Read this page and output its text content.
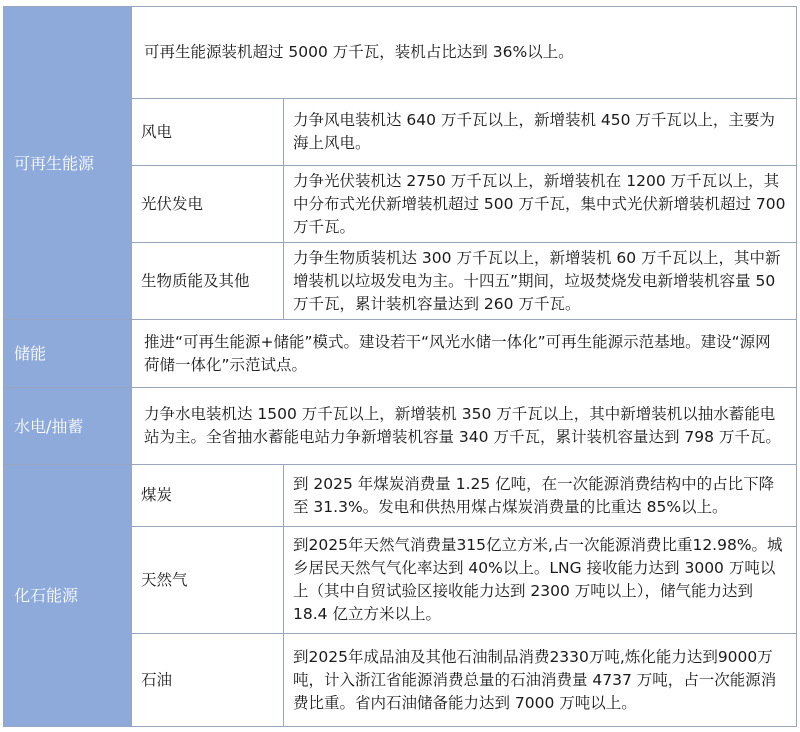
可再生能源	可再生能源装机超过 5000 万千瓦，装机占比达到 36%以上。	
	风电	力争风电装机达 640 万千瓦以上，新增装机 450 万千瓦以上，主要为海上风电。
	光伏发电	力争光伏装机达 2750 万千瓦以上，新增装机在 1200 万千瓦以上，其中分布式光伏新增装机超过 500 万千瓦，集中式光伏新增装机超过 700 万千瓦。
	生物质能及其他	力争生物质装机达 300 万千瓦以上，新增装机 60 万千瓦以上，其中新增装机以垃圾发电为主。十四五”期间，垃圾焚烧发电新增装机容量 50 万千瓦，累计装机容量达到 260 万千瓦。
储能	推进“可再生能源+储能”模式。建设若干“风光水储一体化”可再生能源示范基地。建设“源网荷储一体化”示范试点。	
水电/抽蓄	力争水电装机达 1500 万千瓦以上，新增装机 350 万千瓦以上，其中新增装机以抽水蓄能电站为主。全省抽水蓄能电站力争新增装机容量 340 万千瓦，累计装机容量达到 798 万千瓦。	
化石能源	煤炭	到 2025 年煤炭消费量 1.25 亿吨，在一次能源消费结构中的占比下降至 31.3%。发电和供热用煤占煤炭消费量的比重达 85%以上。
	天然气	到2025年天然气消费量315亿立方米,占一次能源消费比重12.98%。城乡居民天然气气化率达到 40%以上。LNG 接收能力达到 3000 万吨以上（其中自贸试验区接收能力达到 2300 万吨以上），储气能力达到 18.4 亿立方米以上。
	石油	到2025年成品油及其他石油制品消费2330万吨,炼化能力达到9000万吨，计入浙江省能源消费总量的石油消费量 4737 万吨，占一次能源消费比重。省内石油储备能力达到 7000 万吨以上。
